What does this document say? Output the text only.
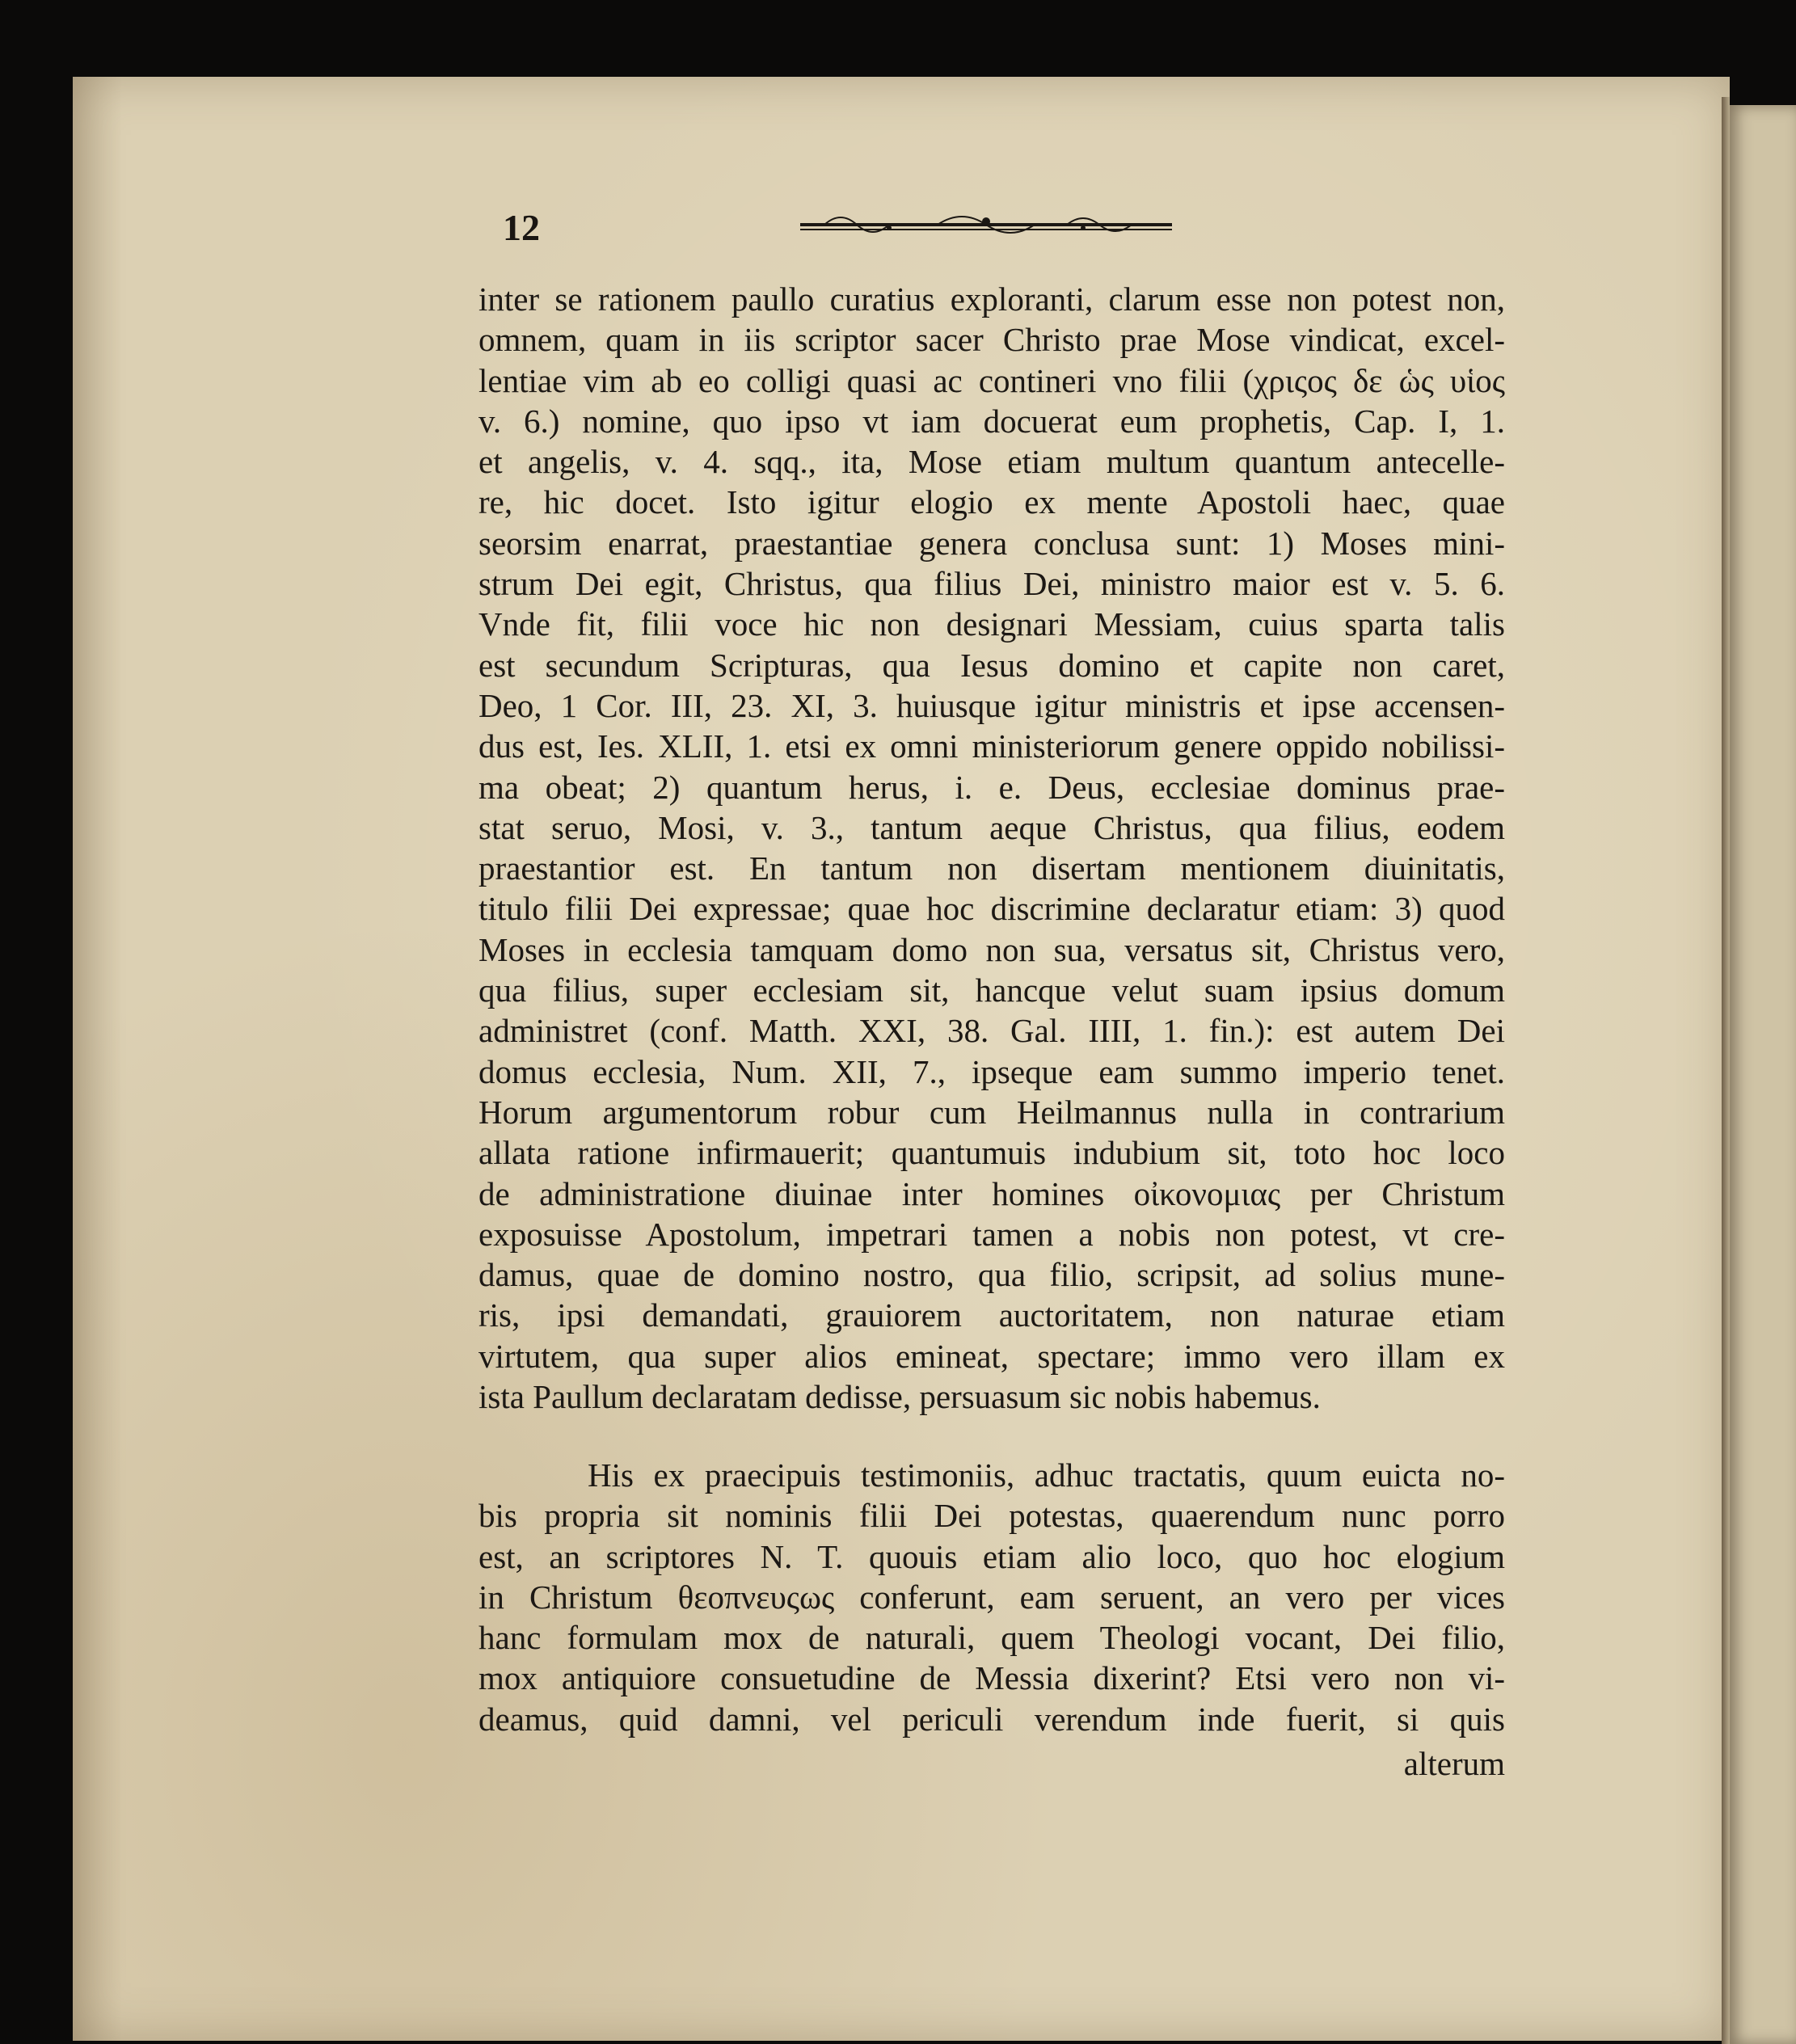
12
inter se rationem paullo curatius exploranti, clarum esse non potest non,
omnem, quam in iis scriptor sacer Christo prae Mose vindicat, excel-
lentiae vim ab eo colligi quasi ac contineri vno filii (χριςος δε ὡς υἱος
v. 6.) nomine, quo ipso vt iam docuerat eum prophetis, Cap. I, 1.
et angelis, v. 4. sqq., ita, Mose etiam multum quantum antecelle-
re, hic docet. Isto igitur elogio ex mente Apostoli haec, quae
seorsim enarrat, praestantiae genera conclusa sunt: 1) Moses mini-
strum Dei egit, Christus, qua filius Dei, ministro maior est v. 5. 6.
Vnde fit, filii voce hic non designari Messiam, cuius sparta talis
est secundum Scripturas, qua Iesus domino et capite non caret,
Deo, 1 Cor. III, 23. XI, 3. huiusque igitur ministris et ipse accensen-
dus est, Ies. XLII, 1. etsi ex omni ministeriorum genere oppido nobilissi-
ma obeat; 2) quantum herus, i. e. Deus, ecclesiae dominus prae-
stat seruo, Mosi, v. 3., tantum aeque Christus, qua filius, eodem
praestantior est. En tantum non disertam mentionem diuinitatis,
titulo filii Dei expressae; quae hoc discrimine declaratur etiam: 3) quod
Moses in ecclesia tamquam domo non sua, versatus sit, Christus vero,
qua filius, super ecclesiam sit, hancque velut suam ipsius domum
administret (conf. Matth. XXI, 38. Gal. IIII, 1. fin.): est autem Dei
domus ecclesia, Num. XII, 7., ipseque eam summo imperio tenet.
Horum argumentorum robur cum Heilmannus nulla in contrarium
allata ratione infirmauerit; quantumuis indubium sit, toto hoc loco
de administratione diuinae inter homines οἰκονομιας per Christum
exposuisse Apostolum, impetrari tamen a nobis non potest, vt cre-
damus, quae de domino nostro, qua filio, scripsit, ad solius mune-
ris, ipsi demandati, grauiorem auctoritatem, non naturae etiam
virtutem, qua super alios emineat, spectare; immo vero illam ex
ista Paullum declaratam dedisse, persuasum sic nobis habemus.
His ex praecipuis testimoniis, adhuc tractatis, quum euicta no-
bis propria sit nominis filii Dei potestas, quaerendum nunc porro
est, an scriptores N. T. quouis etiam alio loco, quo hoc elogium
in Christum θεοπνευςως conferunt, eam seruent, an vero per vices
hanc formulam mox de naturali, quem Theologi vocant, Dei filio,
mox antiquiore consuetudine de Messia dixerint? Etsi vero non vi-
deamus, quid damni, vel periculi verendum inde fuerit, si quis
alterum
